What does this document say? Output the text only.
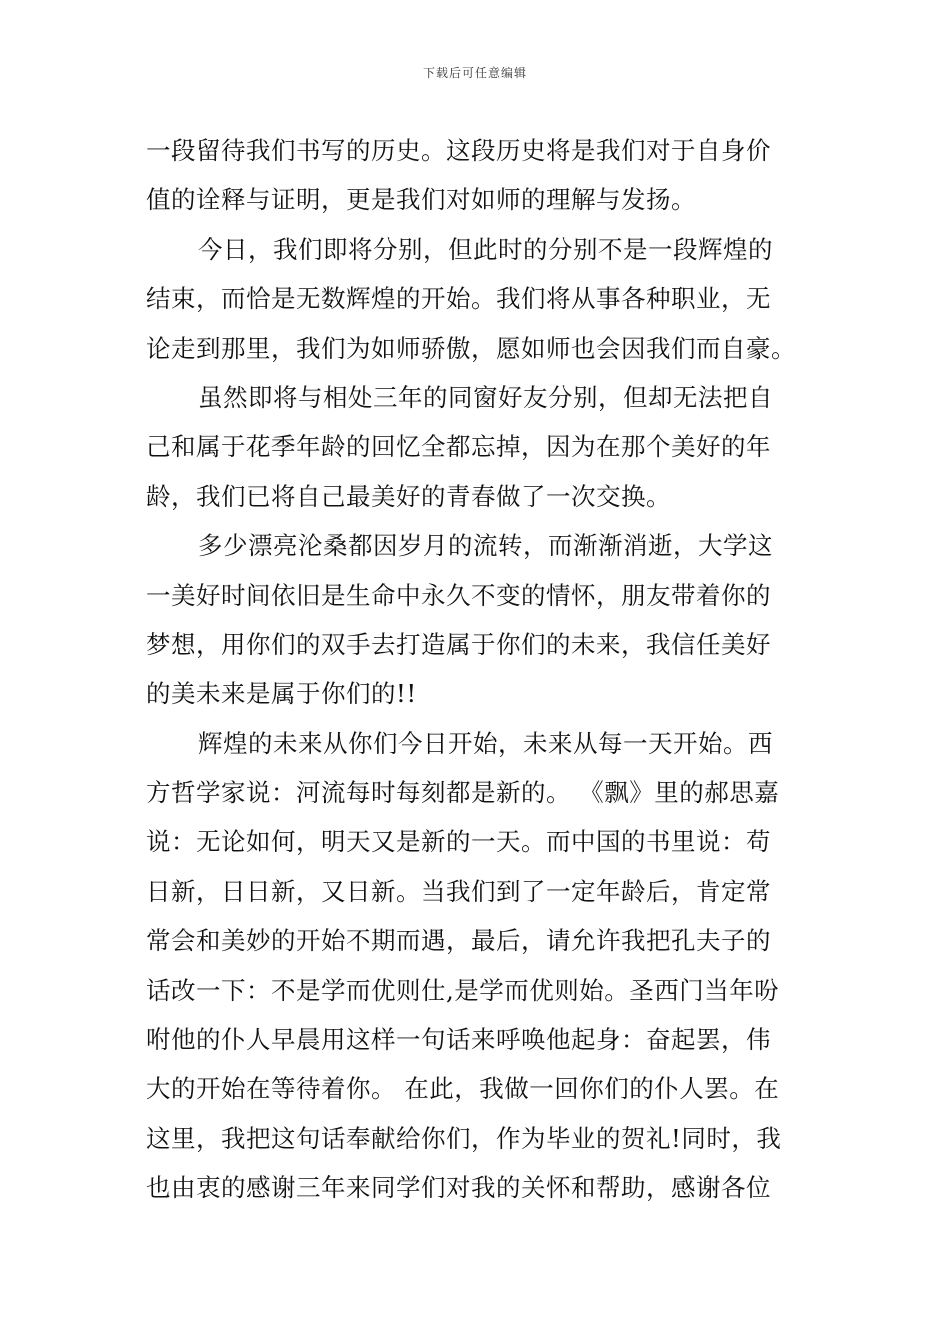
下载后可任意编辑
一段留待我们书写的历史。这段历史将是我们对于自身价
值的诠释与证明，更是我们对如师的理解与发扬。
今日，我们即将分别，但此时的分别不是一段辉煌的
结束，而恰是无数辉煌的开始。我们将从事各种职业，无
论走到那里，我们为如师骄傲，愿如师也会因我们而自豪。
虽然即将与相处三年的同窗好友分别，但却无法把自
己和属于花季年龄的回忆全都忘掉，因为在那个美好的年
龄，我们已将自己最美好的青春做了一次交换。
多少漂亮沦桑都因岁月的流转，而渐渐消逝，大学这
一美好时间依旧是生命中永久不变的情怀，朋友带着你的
梦想，用你们的双手去打造属于你们的未来，我信任美好
的美未来是属于你们的!!
辉煌的未来从你们今日开始，未来从每一天开始。西
方哲学家说：河流每时每刻都是新的。 《飘》里的郝思嘉
说：无论如何，明天又是新的一天。而中国的书里说：苟
日新，日日新，又日新。当我们到了一定年龄后，肯定常
常会和美妙的开始不期而遇，最后，请允许我把孔夫子的
话改一下：不是学而优则仕,是学而优则始。圣西门当年吩
咐他的仆人早晨用这样一句话来呼唤他起身：奋起罢，伟
大的开始在等待着你。 在此，我做一回你们的仆人罢。在
这里，我把这句话奉献给你们，作为毕业的贺礼!同时，我
也由衷的感谢三年来同学们对我的关怀和帮助，感谢各位
